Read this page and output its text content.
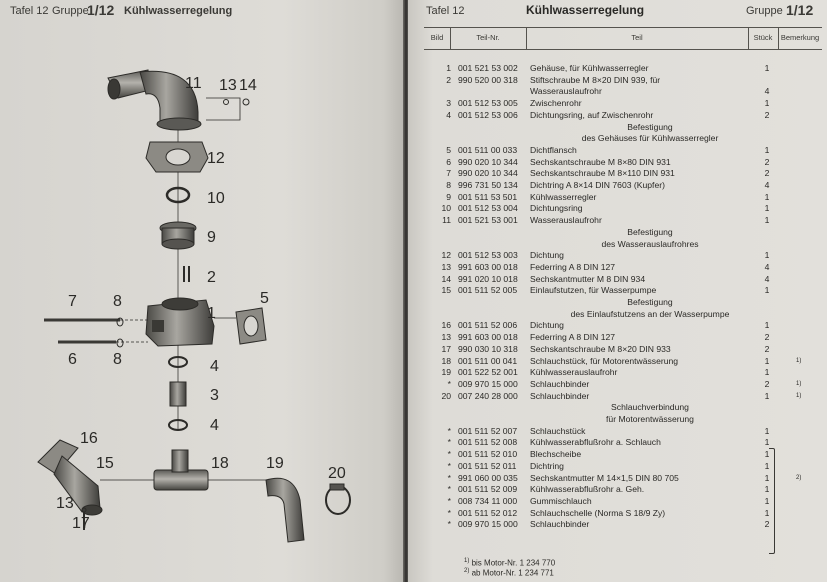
Tafel 12 Gruppe
1/12 Kühlwasserregelung
11 13 14
12
10
9
2
7 8
1
5
6 8	4
3
4
16
15	18 19
20
13
17
Tafel 12	Kühlwasserregelung	Gruppe 1/12
Bild	Teil-Nr.	Teil	Stück	Bemerkung
1 001 521 53 002 Gehäuse, für Kühlwasserregler	1
2 990 520 00 318 Stiftschraube M 8×20 DIN 939, für
Wasserauslaufrohr	4
3 001 512 53 005 Zwischenrohr	1
4 001 512 53 006 Dichtungsring, auf Zwischenrohr	2
Befestigung
des Gehäuses für Kühlwasserregler
5 001 511 00 033 Dichtflansch	1
6 990 020 10 344 Sechskantschraube M 8×80 DIN 931	2
7 990 020 10 344 Sechskantschraube M 8×110 DIN 931	2
8 996 731 50 134 Dichtring A 8×14 DIN 7603 (Kupfer)	4
9 001 511 53 501 Kühlwasserregler	1
10 001 512 53 004 Dichtungsring	1
11 001 521 53 001 Wasserauslaufrohr	1
Befestigung
des Wasserauslaufrohres
12 001 512 53 003 Dichtung	1
13 991 603 00 018 Federring A 8 DIN 127	4
14 991 020 10 018 Sechskantmutter M 8 DIN 934	4
15 001 511 52 005 Einlaufstutzen, für Wasserpumpe	1
Befestigung
des Einlaufstutzens an der Wasserpumpe
16 001 511 52 006 Dichtung	1
13 991 603 00 018 Federring A 8 DIN 127	2
17 990 030 10 318 Sechskantschraube M 8×20 DIN 933	2
18 001 511 00 041 Schlauchstück, für Motorentwässerung	1	1)
19 001 522 52 001 Kühlwasserauslaufrohr	1
* 009 970 15 000 Schlauchbinder	2	1)
20 007 240 28 000 Schlauchbinder	1	1)
Schlauchverbindung
für Motorentwässerung
* 001 511 52 007 Schlauchstück	1
* 001 511 52 008 Kühlwasserabflußrohr a. Schlauch	1
* 001 511 52 010 Blechscheibe	1
* 001 511 52 011 Dichtring	1
* 991 060 00 035 Sechskantmutter M 14×1,5 DIN 80 705	1	2)
* 001 511 52 009 Kühlwasserabflußrohr a. Geh.	1
* 008 734 11 000 Gummischlauch	1
* 001 511 52 012 Schlauchschelle (Norma S 18/9 Zy)	1
* 009 970 15 000 Schlauchbinder	2
$^{1)}$ bis Motor-Nr. 1 234 770
$^{2)}$ ab Motor-Nr. 1 234 771
